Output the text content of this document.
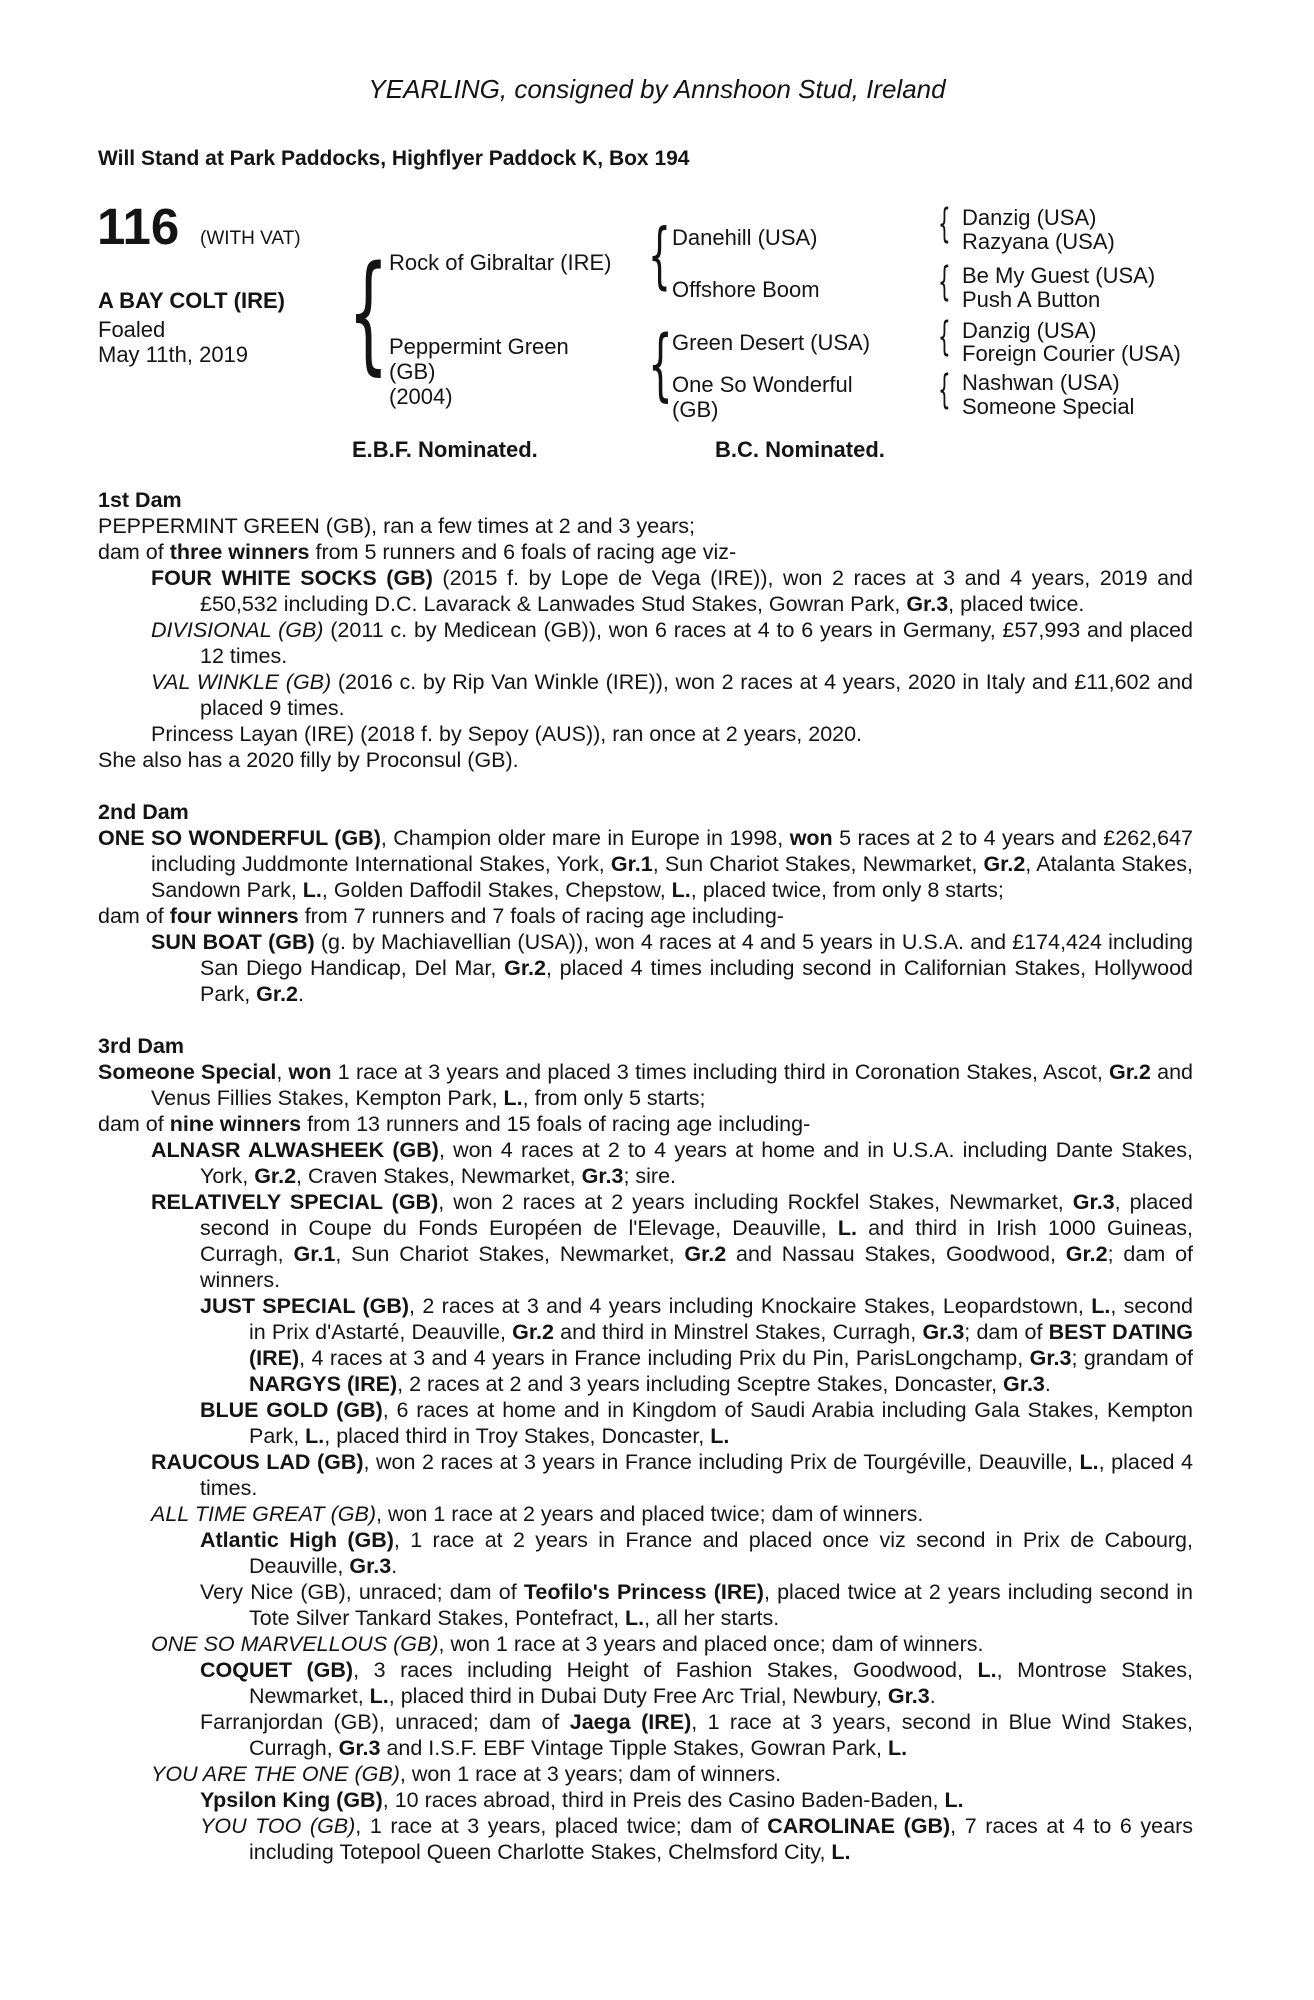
YEARLING, consigned by Annshoon Stud, Ireland
Will Stand at Park Paddocks, Highflyer Paddock K, Box 194
116 (WITH VAT)
A BAY COLT (IRE)
Foaled
May 11th, 2019
{
{
{
{
{
{
{
Rock of Gibraltar (IRE)
Peppermint Green
(GB)
(2004)
Danehill (USA)
Offshore Boom
Green Desert (USA)
One So Wonderful
(GB)
Danzig (USA)
Razyana (USA)
Be My Guest (USA)
Push A Button
Danzig (USA)
Foreign Courier (USA)
Nashwan (USA)
Someone Special
E.B.F. Nominated.	B.C. Nominated.
1st Dam

PEPPERMINT GREEN (GB), ran a few times at 2 and 3 years;

dam of three winners from 5 runners and 6 foals of racing age viz-

FOUR WHITE SOCKS (GB) (2015 f. by Lope de Vega (IRE)), won 2 races at 3 and 4 years, 2019 and £50,532 including D.C. Lavarack & Lanwades Stud Stakes, Gowran Park, Gr.3, placed twice.

DIVISIONAL (GB) (2011 c. by Medicean (GB)), won 6 races at 4 to 6 years in Germany, £57,993 and placed 12 times.

VAL WINKLE (GB) (2016 c. by Rip Van Winkle (IRE)), won 2 races at 4 years, 2020 in Italy and £11,602 and placed 9 times.

Princess Layan (IRE) (2018 f. by Sepoy (AUS)), ran once at 2 years, 2020.

She also has a 2020 filly by Proconsul (GB).

2nd Dam

ONE SO WONDERFUL (GB), Champion older mare in Europe in 1998, won 5 races at 2 to 4 years and £262,647 including Juddmonte International Stakes, York, Gr.1, Sun Chariot Stakes, Newmarket, Gr.2, Atalanta Stakes, Sandown Park, L., Golden Daffodil Stakes, Chepstow, L., placed twice, from only 8 starts;

dam of four winners from 7 runners and 7 foals of racing age including-

SUN BOAT (GB) (g. by Machiavellian (USA)), won 4 races at 4 and 5 years in U.S.A. and £174,424 including San Diego Handicap, Del Mar, Gr.2, placed 4 times including second in Californian Stakes, Hollywood Park, Gr.2.

3rd Dam

Someone Special, won 1 race at 3 years and placed 3 times including third in Coronation Stakes, Ascot, Gr.2 and Venus Fillies Stakes, Kempton Park, L., from only 5 starts;

dam of nine winners from 13 runners and 15 foals of racing age including-

ALNASR ALWASHEEK (GB), won 4 races at 2 to 4 years at home and in U.S.A. including Dante Stakes, York, Gr.2, Craven Stakes, Newmarket, Gr.3; sire.

RELATIVELY SPECIAL (GB), won 2 races at 2 years including Rockfel Stakes, Newmarket, Gr.3, placed second in Coupe du Fonds Européen de l'Elevage, Deauville, L. and third in Irish 1000 Guineas, Curragh, Gr.1, Sun Chariot Stakes, Newmarket, Gr.2 and Nassau Stakes, Goodwood, Gr.2; dam of winners.

JUST SPECIAL (GB), 2 races at 3 and 4 years including Knockaire Stakes, Leopardstown, L., second in Prix d'Astarté, Deauville, Gr.2 and third in Minstrel Stakes, Curragh, Gr.3; dam of BEST DATING (IRE), 4 races at 3 and 4 years in France including Prix du Pin, ParisLongchamp, Gr.3; grandam of NARGYS (IRE), 2 races at 2 and 3 years including Sceptre Stakes, Doncaster, Gr.3.

BLUE GOLD (GB), 6 races at home and in Kingdom of Saudi Arabia including Gala Stakes, Kempton Park, L., placed third in Troy Stakes, Doncaster, L.

RAUCOUS LAD (GB), won 2 races at 3 years in France including Prix de Tourgéville, Deauville, L., placed 4 times.

ALL TIME GREAT (GB), won 1 race at 2 years and placed twice; dam of winners.

Atlantic High (GB), 1 race at 2 years in France and placed once viz second in Prix de Cabourg, Deauville, Gr.3.

Very Nice (GB), unraced; dam of Teofilo's Princess (IRE), placed twice at 2 years including second in Tote Silver Tankard Stakes, Pontefract, L., all her starts.

ONE SO MARVELLOUS (GB), won 1 race at 3 years and placed once; dam of winners.

COQUET (GB), 3 races including Height of Fashion Stakes, Goodwood, L., Montrose Stakes, Newmarket, L., placed third in Dubai Duty Free Arc Trial, Newbury, Gr.3.

Farranjordan (GB), unraced; dam of Jaega (IRE), 1 race at 3 years, second in Blue Wind Stakes, Curragh, Gr.3 and I.S.F. EBF Vintage Tipple Stakes, Gowran Park, L.

YOU ARE THE ONE (GB), won 1 race at 3 years; dam of winners.

Ypsilon King (GB), 10 races abroad, third in Preis des Casino Baden-Baden, L.

YOU TOO (GB), 1 race at 3 years, placed twice; dam of CAROLINAE (GB), 7 races at 4 to 6 years including Totepool Queen Charlotte Stakes, Chelmsford City, L.
